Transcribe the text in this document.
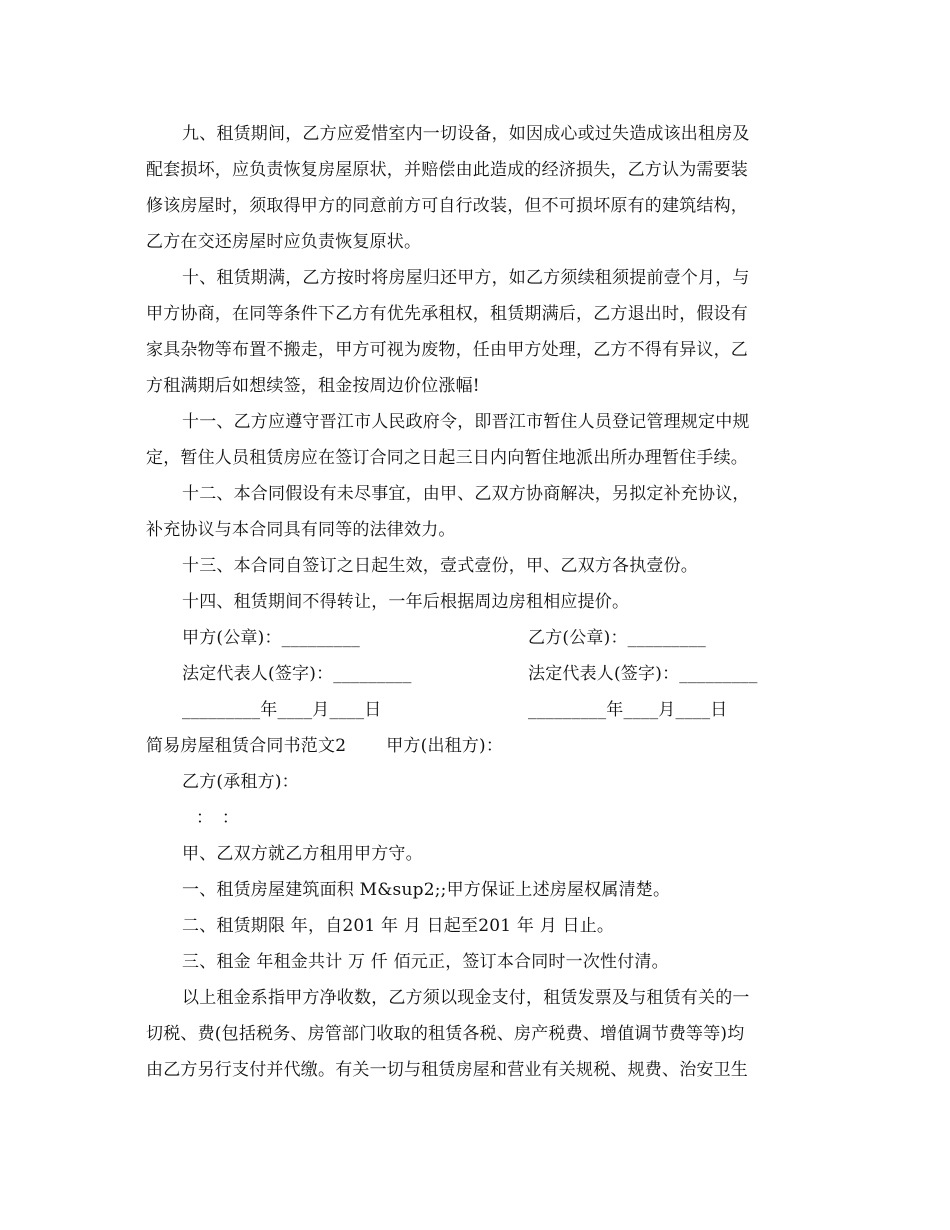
九、租赁期间，乙方应爱惜室内一切设备，如因成心或过失造成该出租房及
配套损坏，应负责恢复房屋原状，并赔偿由此造成的经济损失，乙方认为需要装
修该房屋时，须取得甲方的同意前方可自行改装，但不可损坏原有的建筑结构，
乙方在交还房屋时应负责恢复原状。
十、租赁期满，乙方按时将房屋归还甲方，如乙方须续租须提前壹个月，与
甲方协商，在同等条件下乙方有优先承租权，租赁期满后，乙方退出时，假设有
家具杂物等布置不搬走，甲方可视为废物，任由甲方处理，乙方不得有异议，乙
方租满期后如想续签，租金按周边价位涨幅!
十一、乙方应遵守晋江市人民政府令，即晋江市暂住人员登记管理规定中规
定，暂住人员租赁房应在签订合同之日起三日内向暂住地派出所办理暂住手续。
十二、本合同假设有未尽事宜，由甲、乙双方协商解决，另拟定补充协议，
补充协议与本合同具有同等的法律效力。
十三、本合同自签订之日起生效，壹式壹份，甲、乙双方各执壹份。
十四、租赁期间不得转让，一年后根据周边房租相应提价。
甲方(公章)：_________	乙方(公章)：_________
法定代表人(签字)：_________	法定代表人(签字)：_________
_________年____月____日	_________年____月____日
简易房屋租赁合同书范文2　　 甲方(出租方)：
乙方(承租方)：
：　：
甲、乙双方就乙方租用甲方守。
一、租赁房屋建筑面积 M&sup2;;甲方保证上述房屋权属清楚。
二、租赁期限 年，自201 年 月 日起至201 年 月 日止。
三、租金 年租金共计 万 仟 佰元正，签订本合同时一次性付清。
以上租金系指甲方净收数，乙方须以现金支付，租赁发票及与租赁有关的一
切税、费(包括税务、房管部门收取的租赁各税、房产税费、增值调节费等等)均
由乙方另行支付并代缴。有关一切与租赁房屋和营业有关规税、规费、治安卫生
